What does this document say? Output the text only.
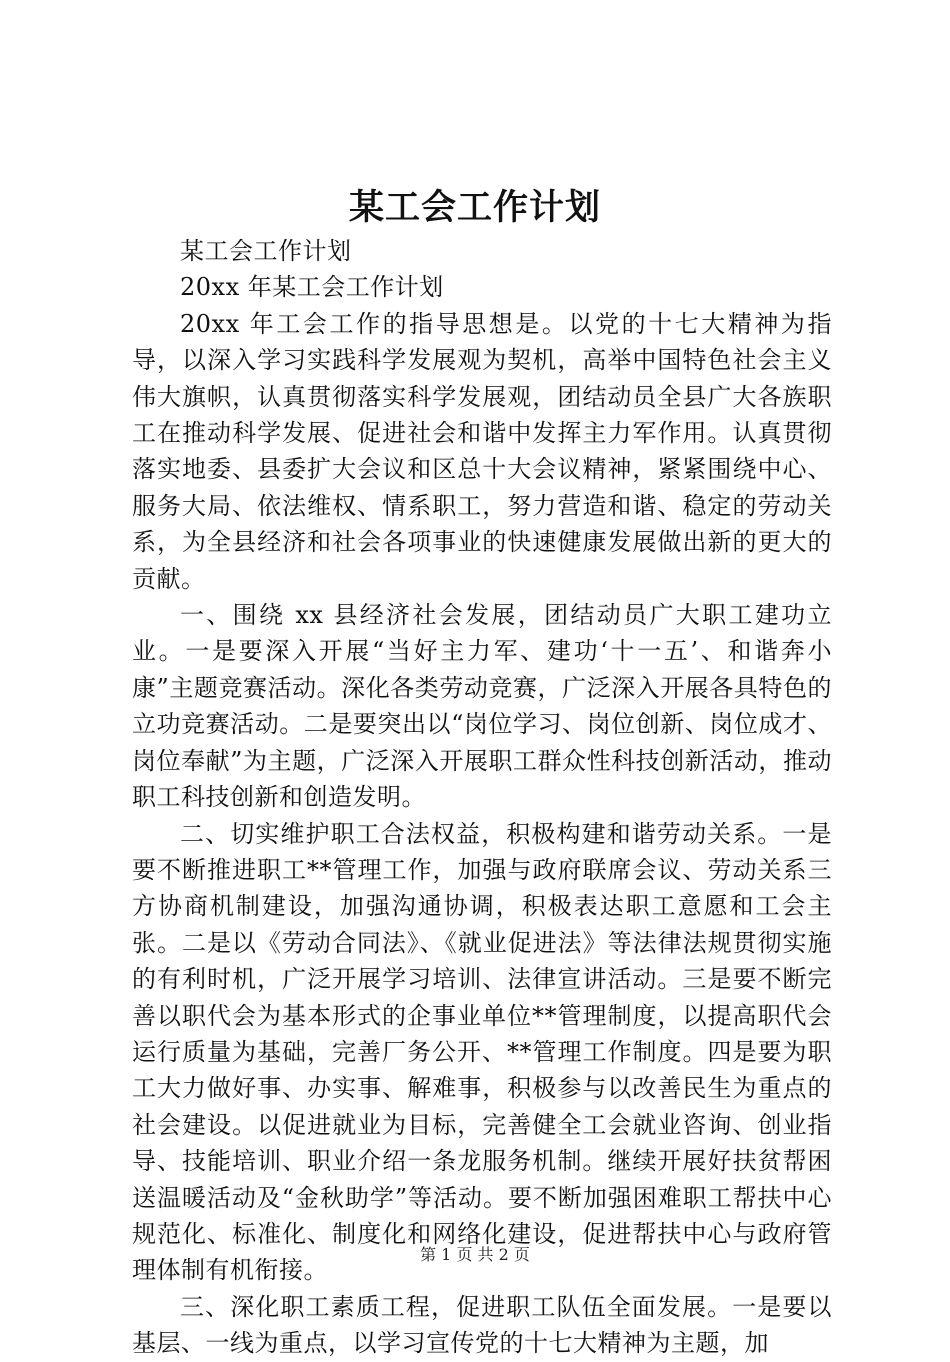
某工会工作计划

某工会工作计划

20xx 年某工会工作计划

20xx 年工会工作的指导思想是。以党的十七大精神为指导，以深入学习实践科学发展观为契机，高举中国特色社会主义伟大旗帜，认真贯彻落实科学发展观，团结动员全县广大各族职工在推动科学发展、促进社会和谐中发挥主力军作用。认真贯彻落实地委、县委扩大会议和区总十大会议精神，紧紧围绕中心、服务大局、依法维权、情系职工，努力营造和谐、稳定的劳动关系，为全县经济和社会各项事业的快速健康发展做出新的更大的贡献。

一、围绕 xx 县经济社会发展，团结动员广大职工建功立业。一是要深入开展“当好主力军、建功‘十一五’、和谐奔小康”主题竞赛活动。深化各类劳动竞赛，广泛深入开展各具特色的立功竞赛活动。二是要突出以“岗位学习、岗位创新、岗位成才、岗位奉献”为主题，广泛深入开展职工群众性科技创新活动，推动职工科技创新和创造发明。

二、切实维护职工合法权益，积极构建和谐劳动关系。一是要不断推进职工**管理工作，加强与政府联席会议、劳动关系三方协商机制建设，加强沟通协调，积极表达职工意愿和工会主张。二是以《劳动合同法》、《就业促进法》等法律法规贯彻实施的有利时机，广泛开展学习培训、法律宣讲活动。三是要不断完善以职代会为基本形式的企事业单位**管理制度，以提高职代会运行质量为基础，完善厂务公开、**管理工作制度。四是要为职工大力做好事、办实事、解难事，积极参与以改善民生为重点的社会建设。以促进就业为目标，完善健全工会就业咨询、创业指导、技能培训、职业介绍一条龙服务机制。继续开展好扶贫帮困送温暖活动及“金秋助学”等活动。要不断加强困难职工帮扶中心规范化、标准化、制度化和网络化建设，促进帮扶中心与政府管理体制有机衔接。

三、深化职工素质工程，促进职工队伍全面发展。一是要以基层、一线为重点，以学习宣传党的十七大精神为主题，加

第 1 页 共 2 页
